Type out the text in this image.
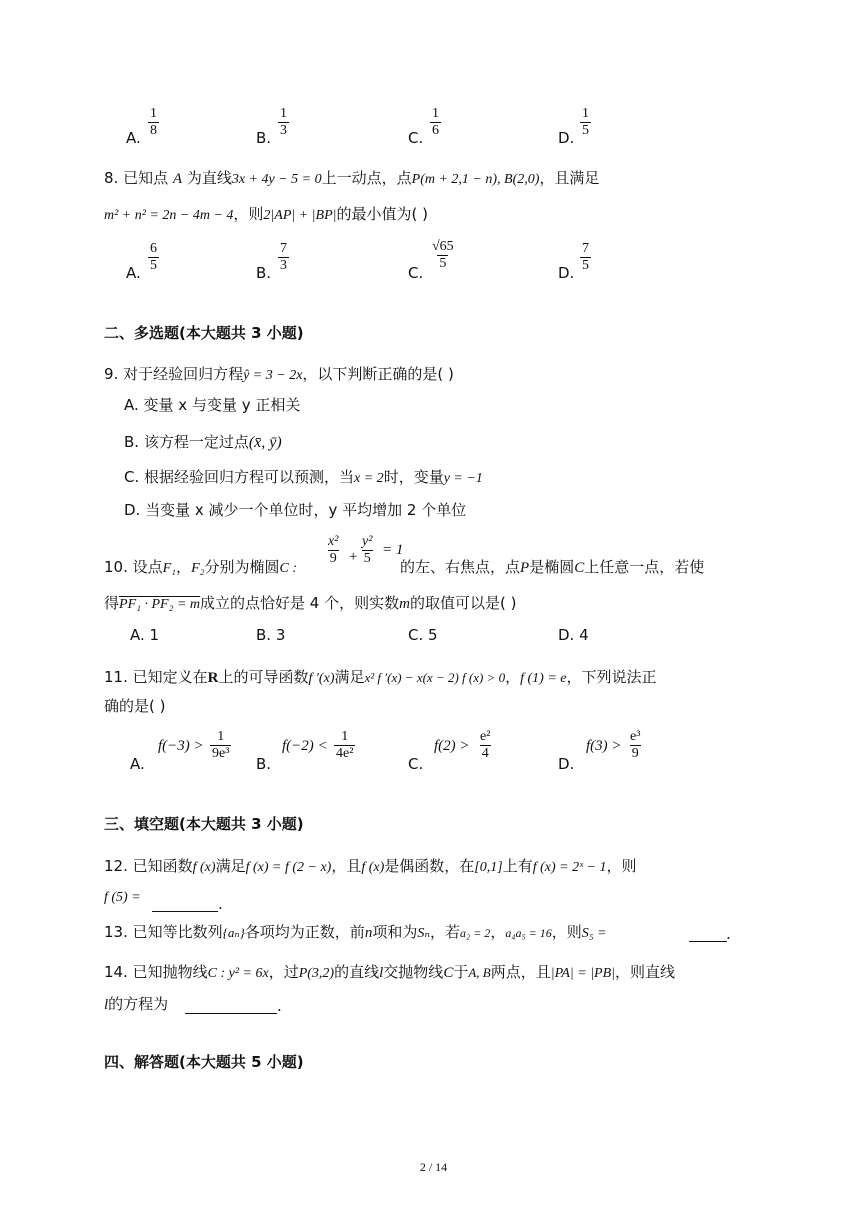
A. $\frac{1}{8}$	B. $\frac{1}{3}$	C. $\frac{1}{6}$	D. $\frac{1}{5}$
8. 已知点 A 为直线3x + 4y − 5 = 0上一动点，点P(m + 2,1 − n), B(2,0)，且满足
m² + n² = 2n − 4m − 4，则2|AP| + |BP|的最小值为( )
A. $\frac{6}{5}$	B. $\frac{7}{3}$	C.
$\frac{√65}{5}$
D. $\frac{7}{5}$
二、多选题(本大题共 3 小题)
9. 对于经验回归方程ŷ = 3 − 2x，以下判断正确的是( )
A. 变量 x 与变量 y 正相关
B. 该方程一定过点(x̄, ȳ)
C. 根据经验回归方程可以预测，当x = 2时，变量y = −1
D. 当变量 x 减少一个单位时，y 平均增加 2 个单位
10. 设点F₁，F₂分别为椭圆C :
$\frac{\text{x²}}{9} + \frac{\text{y²}}{5} = 1$
的左、右焦点，点P是椭圆C上任意一点，若使
得PF₁ · PF₂ = m成立的点恰好是 4 个，则实数m的取值可以是( )
A. 1	B. 3	C. 5	D. 4
11. 已知定义在R上的可导函数f ′(x)满足x² f ′(x) − x(x − 2) f (x) > 0，f (1) = e，下列说法正
确的是( )
A.
$f(-3) > \frac{1}{\text{9e³}}$
B.
$f(-2) < \frac{1}{\text{4e²}}$
C.
$f(2) > \frac{\text{e²}}{4}$
D.
$f(3) > \frac{\text{e³}}{9}$
三、填空题(本大题共 3 小题)
12. 已知函数f (x)满足f (x) = f (2 − x)，且f (x)是偶函数，在[0,1]上有f (x) = 2ˣ − 1，则
f (5) =	.
13. 已知等比数列{aₙ}各项均为正数，前n项和为Sₙ，若a₂ = 2，a₄a₅ = 16，则S₅ =	.
14. 已知抛物线C : y² = 6x，过P(3,2)的直线l交抛物线C于A, B两点，且|PA| = |PB|，则直线
l的方程为	.
四、解答题(本大题共 5 小题)
2 / 14
